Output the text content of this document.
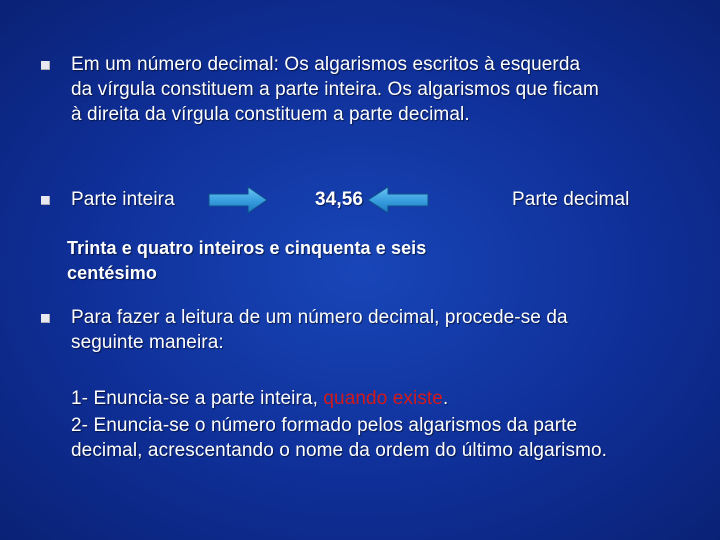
Em um número decimal: Os algarismos escritos à esquerda
da vírgula constituem a parte inteira. Os algarismos que ficam
à direita da vírgula constituem a parte decimal.
Parte inteira	34,56	Parte decimal
Trinta e quatro inteiros e cinquenta e seis
centésimo
Para fazer a leitura de um número decimal, procede-se da
seguinte maneira:
1- Enuncia-se a parte inteira, quando existe.
2- Enuncia-se o número formado pelos algarismos da parte
decimal, acrescentando o nome da ordem do último algarismo.
